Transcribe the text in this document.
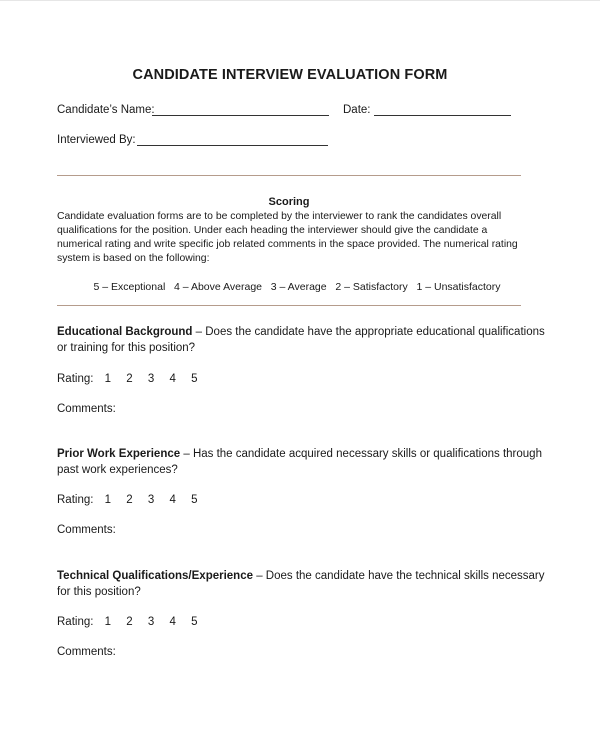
CANDIDATE INTERVIEW EVALUATION FORM
Candidate’s Name:	Date:
Interviewed By:
Scoring
Candidate evaluation forms are to be completed by the interviewer to rank the candidates overall
qualifications for the position. Under each heading the interviewer should give the candidate a
numerical rating and write specific job related comments in the space provided. The numerical rating
system is based on the following:
5 – Exceptional   4 – Above Average   3 – Average   2 – Satisfactory   1 – Unsatisfactory
Educational Background – Does the candidate have the appropriate educational qualifications
or training for this position?
Rating: 1 2 3 4 5
Comments:
Prior Work Experience – Has the candidate acquired necessary skills or qualifications through
past work experiences?
Rating: 1 2 3 4 5
Comments:
Technical Qualifications/Experience – Does the candidate have the technical skills necessary
for this position?
Rating: 1 2 3 4 5
Comments:
